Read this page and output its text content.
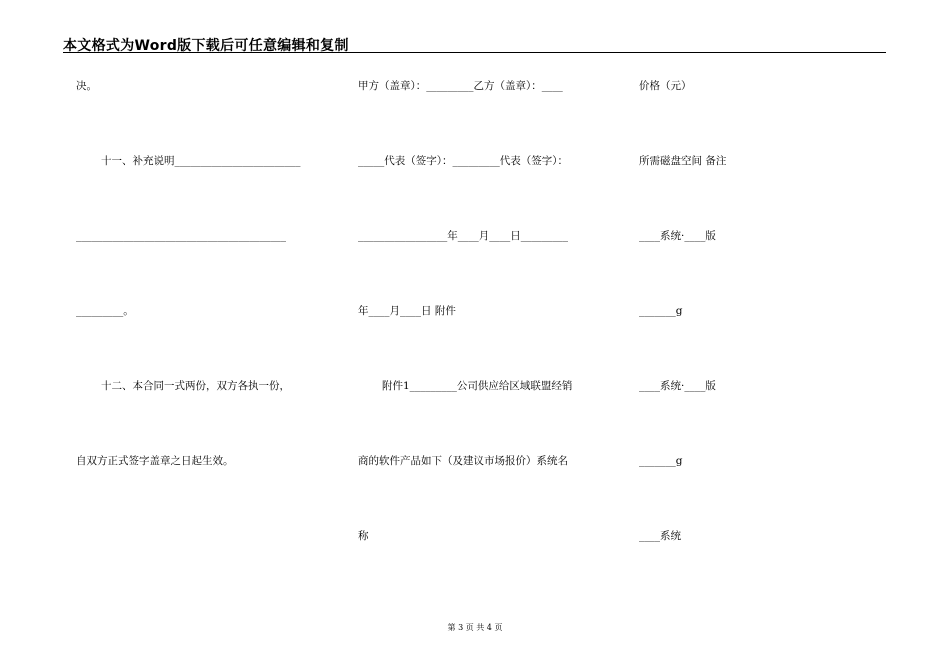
本文格式为Word版下载后可任意编辑和复制
决。
十一、补充说明________________________
________________________________________
_________。
十二、本合同一式两份，双方各执一份，
自双方正式签字盖章之日起生效。
甲方（盖章）：_________乙方（盖章）：____
_____代表（签字）：_________代表（签字）：
_________________年____月____日_________
年____月____日 附件
附件1_________公司供应给区域联盟经销
商的软件产品如下（及建议市场报价）系统名
称
价格（元）
所需磁盘空间 备注
____系统·____版
_______g
____系统·____版
_______g
____系统
第 3 页 共 4 页
